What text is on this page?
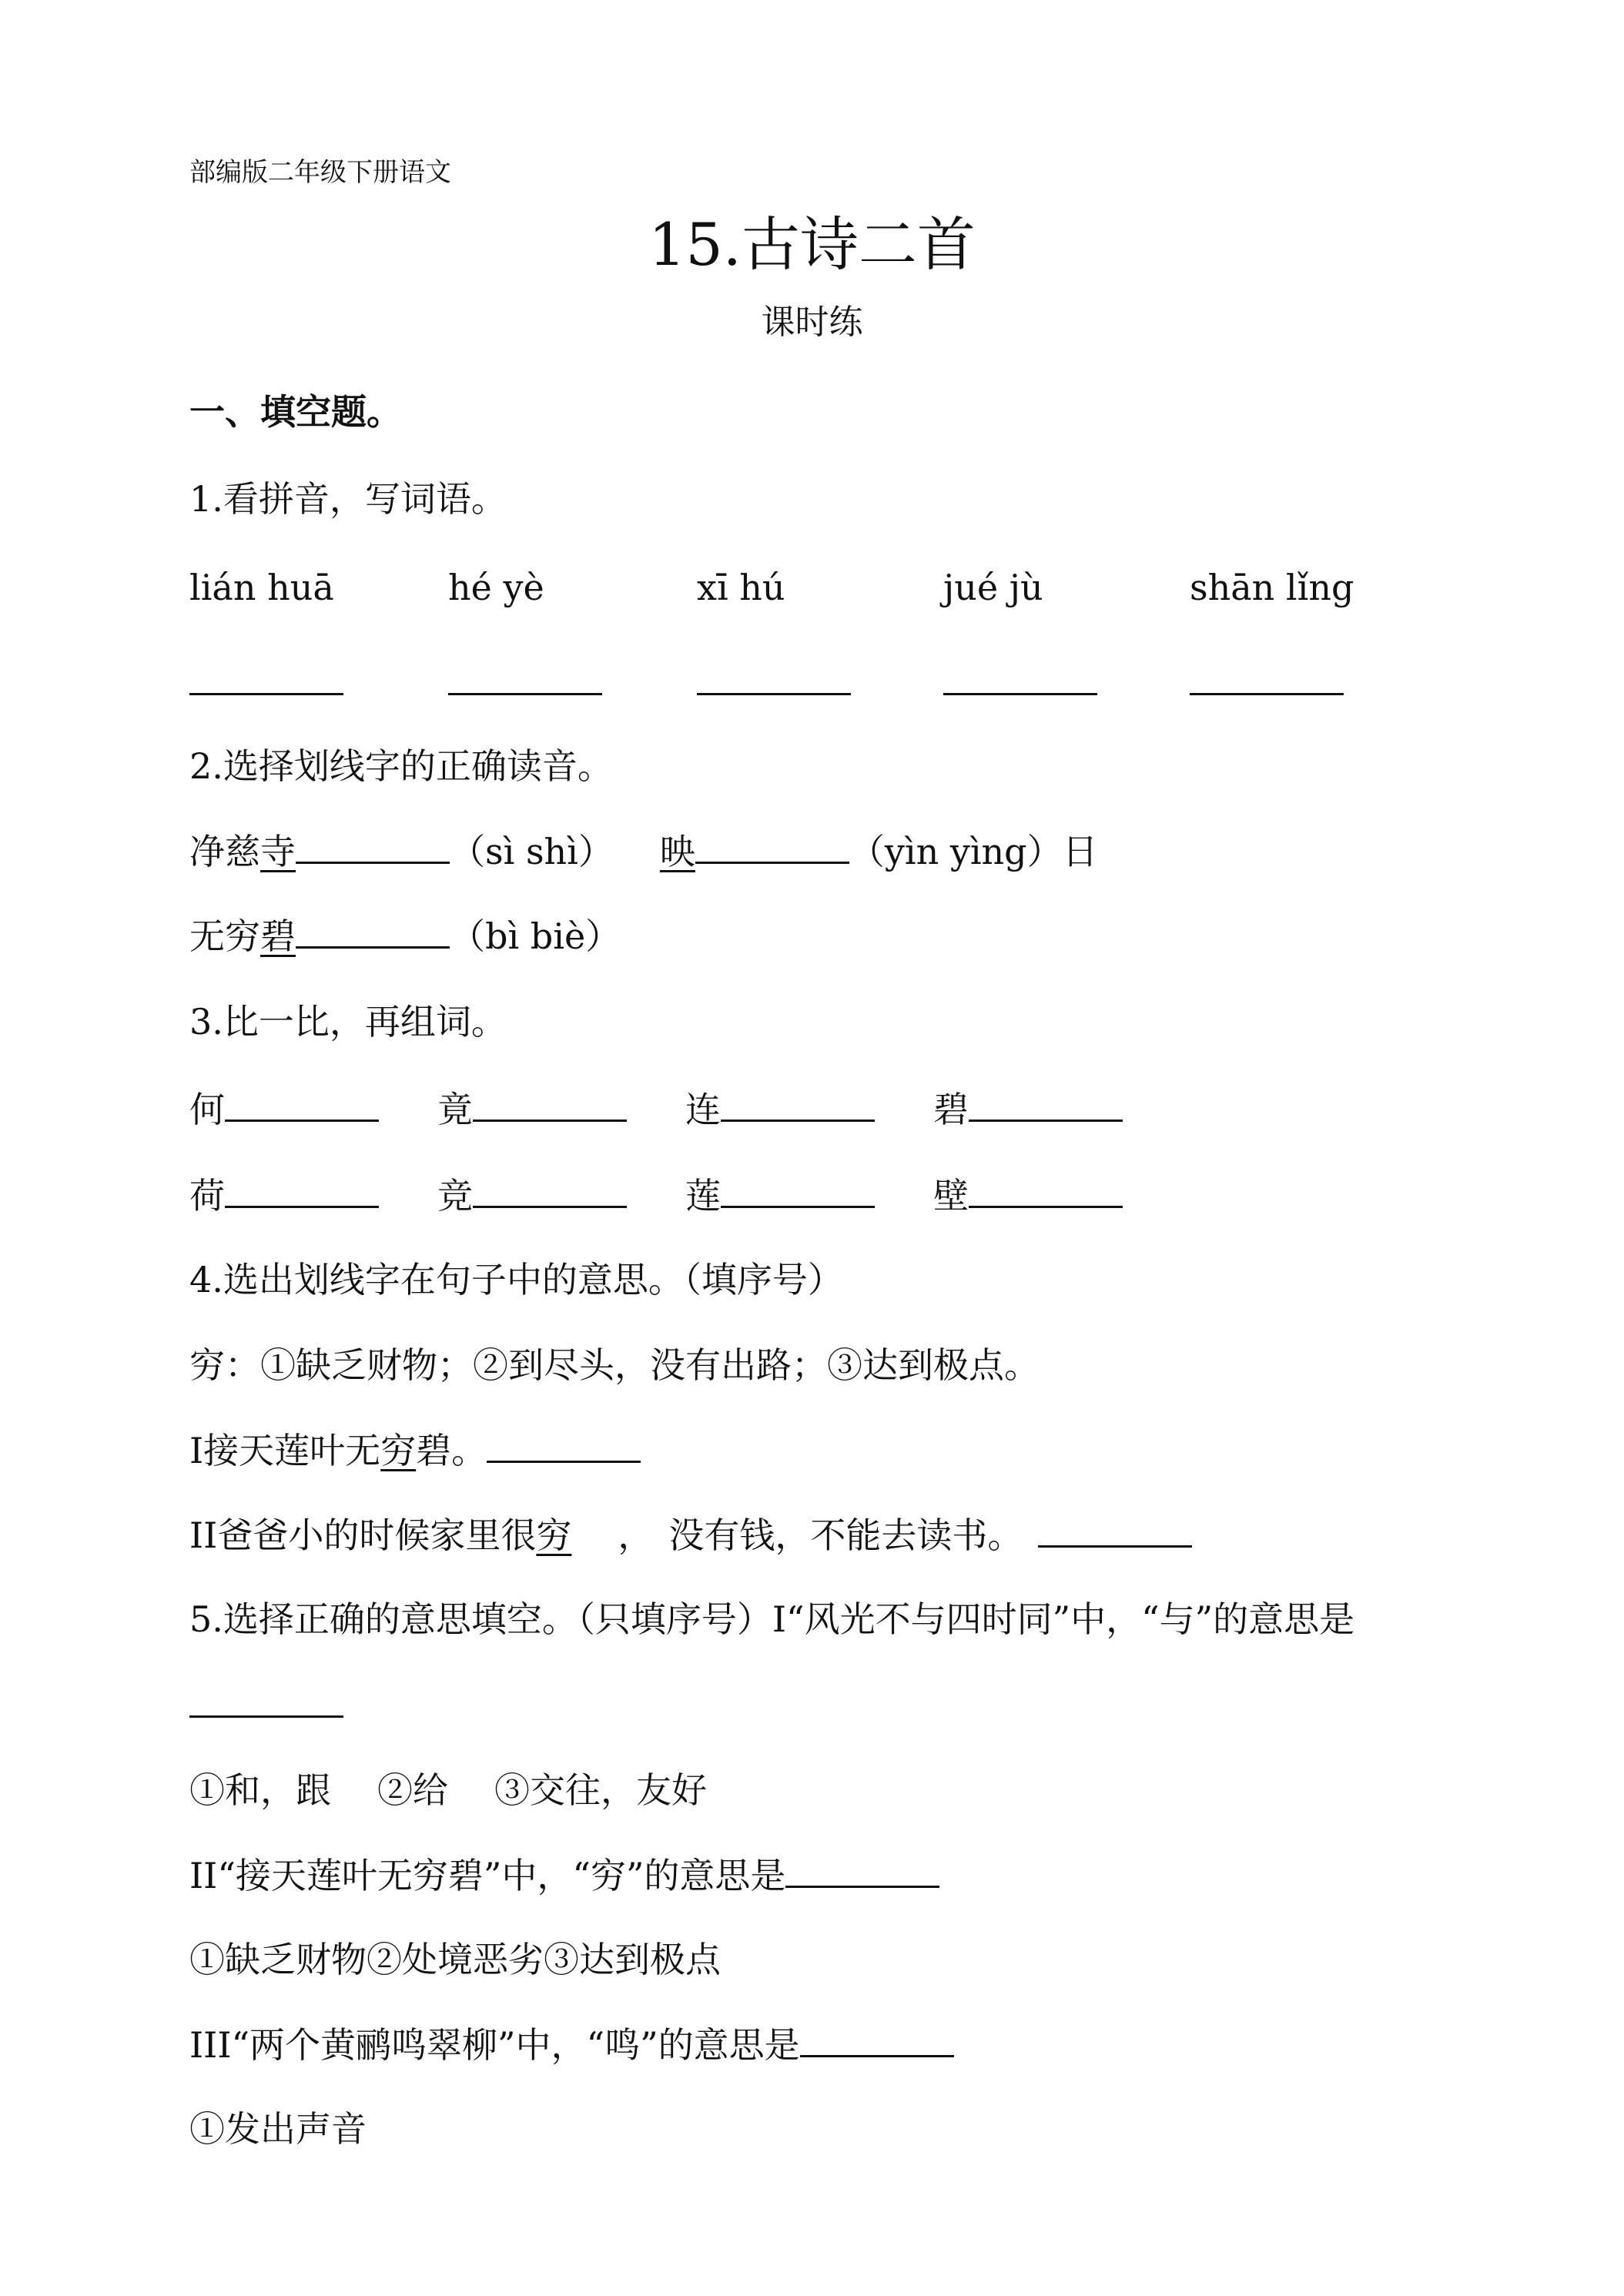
部编版二年级下册语文
15.古诗二首
课时练
一、填空题。
1.看拼音，写词语。
lián huā	hé yè	xī hú	jué jù	shān lǐng
2.选择划线字的正确读音。
净慈寺	（sì shì） 映	（yìn yìng）日
无穷碧	（bì biè）
3.比一比，再组词。
何	竟	连	碧
荷	竞	莲	壁
4.选出划线字在句子中的意思。（填序号）
穷：①缺乏财物；②到尽头，没有出路；③达到极点。
I接天莲叶无穷碧。
II爸爸小的时候家里很穷 ， 没有钱，不能去读书。
5.选择正确的意思填空。（只填序号）I“风光不与四时同”中，“与”的意思是
①和，跟 ②给 ③交往，友好
II“接天莲叶无穷碧”中，“穷”的意思是
①缺乏财物②处境恶劣③达到极点
III“两个黄鹂鸣翠柳”中，“鸣”的意思是
①发出声音
